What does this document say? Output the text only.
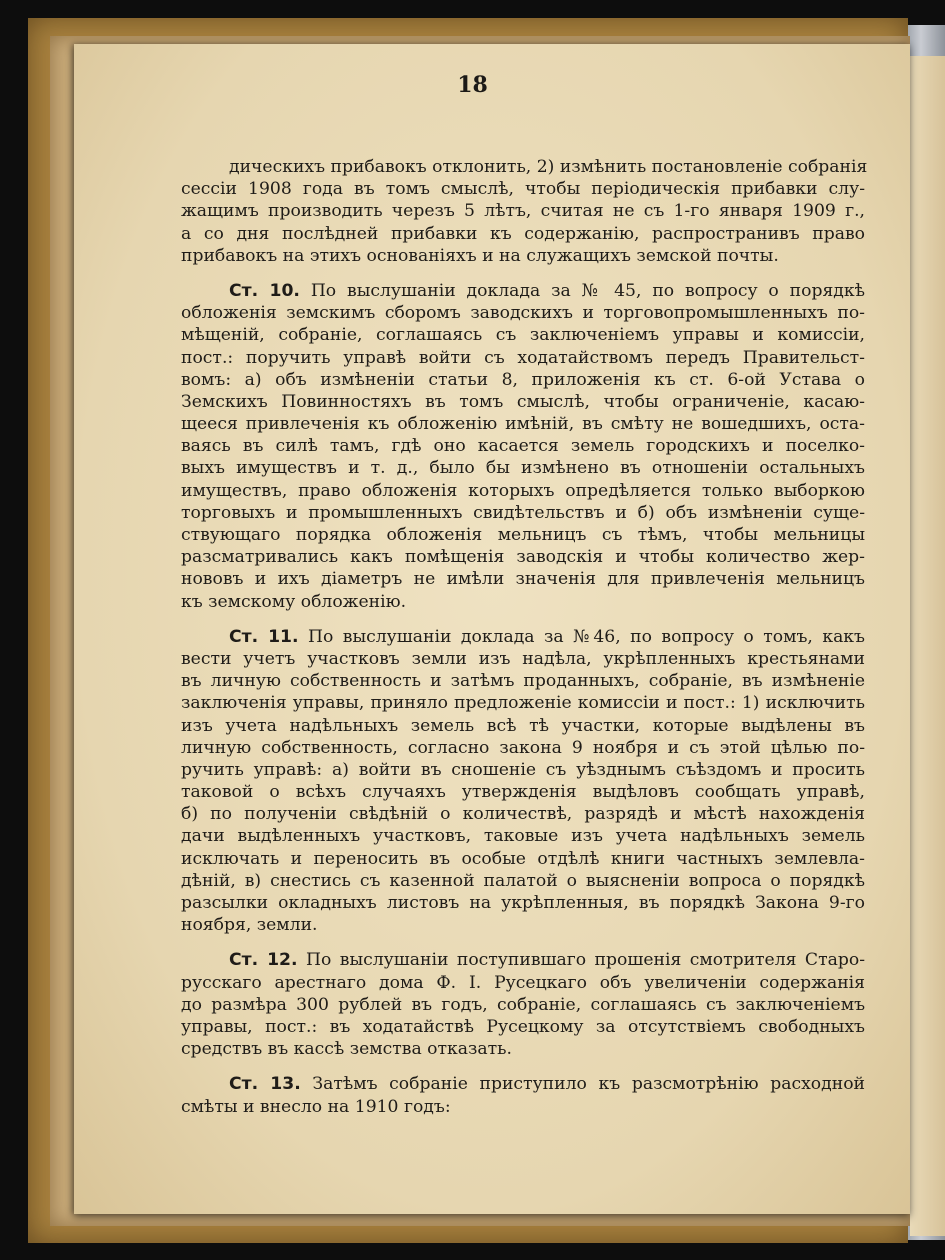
18
дическихъ прибавокъ отклонить, 2) измѣнить постановленіе собранія
сессіи 1908 года въ томъ смыслѣ, чтобы періодическія прибавки слу-
жащимъ производить черезъ 5 лѣтъ, считая не съ 1-го января 1909 г.,
а со дня послѣдней прибавки къ содержанію, распространивъ право
прибавокъ на этихъ основаніяхъ и на служащихъ земской почты.
Ст. 10. По выслушаніи доклада за № 45, по вопросу о порядкѣ
обложенія земскимъ сборомъ заводскихъ и торговопромышленныхъ по-
мѣщеній, собраніе, соглашаясь съ заключеніемъ управы и комиссіи,
пост.: поручить управѣ войти съ ходатайствомъ передъ Правительст-
вомъ: а) объ измѣненіи статьи 8, приложенія къ ст. 6-ой Устава о
Земскихъ Повинностяхъ въ томъ смыслѣ, чтобы ограниченіе, касаю-
щееся привлеченія къ обложенію имѣній, въ смѣту не вошедшихъ, оста-
ваясь въ силѣ тамъ, гдѣ оно касается земель городскихъ и поселко-
выхъ имуществъ и т. д., было бы измѣнено въ отношеніи остальныхъ
имуществъ, право обложенія которыхъ опредѣляется только выборкою
торговыхъ и промышленныхъ свидѣтельствъ и б) объ измѣненіи суще-
ствующаго порядка обложенія мельницъ съ тѣмъ, чтобы мельницы
разсматривались какъ помѣщенія заводскія и чтобы количество жер-
нововъ и ихъ діаметръ не имѣли значенія для привлеченія мельницъ
къ земскому обложенію.
Ст. 11. По выслушаніи доклада за №46, по вопросу о томъ, какъ
вести учетъ участковъ земли изъ надѣла, укрѣпленныхъ крестьянами
въ личную собственность и затѣмъ проданныхъ, собраніе, въ измѣненіе
заключенія управы, приняло предложеніе комиссіи и пост.: 1) исключить
изъ учета надѣльныхъ земель всѣ тѣ участки, которые выдѣлены въ
личную собственность, согласно закона 9 ноября и съ этой цѣлью по-
ручить управѣ: а) войти въ сношеніе съ уѣзднымъ съѣздомъ и просить
таковой о всѣхъ случаяхъ утвержденія выдѣловъ сообщать управѣ,
б) по полученіи свѣдѣній о количествѣ, разрядѣ и мѣстѣ нахожденія
дачи выдѣленныхъ участковъ, таковые изъ учета надѣльныхъ земель
исключать и переносить въ особые отдѣлѣ книги частныхъ землевла-
дѣній, в) снестись съ казенной палатой о выясненіи вопроса о порядкѣ
разсылки окладныхъ листовъ на укрѣпленныя, въ порядкѣ Закона 9-го
ноября, земли.
Ст. 12. По выслушаніи поступившаго прошенія смотрителя Старо-
русскаго арестнаго дома Ф. І. Русецкаго объ увеличеніи содержанія
до размѣра 300 рублей въ годъ, собраніе, соглашаясь съ заключеніемъ
управы, пост.: въ ходатайствѣ Русецкому за отсутствіемъ свободныхъ
средствъ въ кассѣ земства отказать.
Ст. 13. Затѣмъ собраніе приступило къ разсмотрѣнію расходной
смѣты и внесло на 1910 годъ:
